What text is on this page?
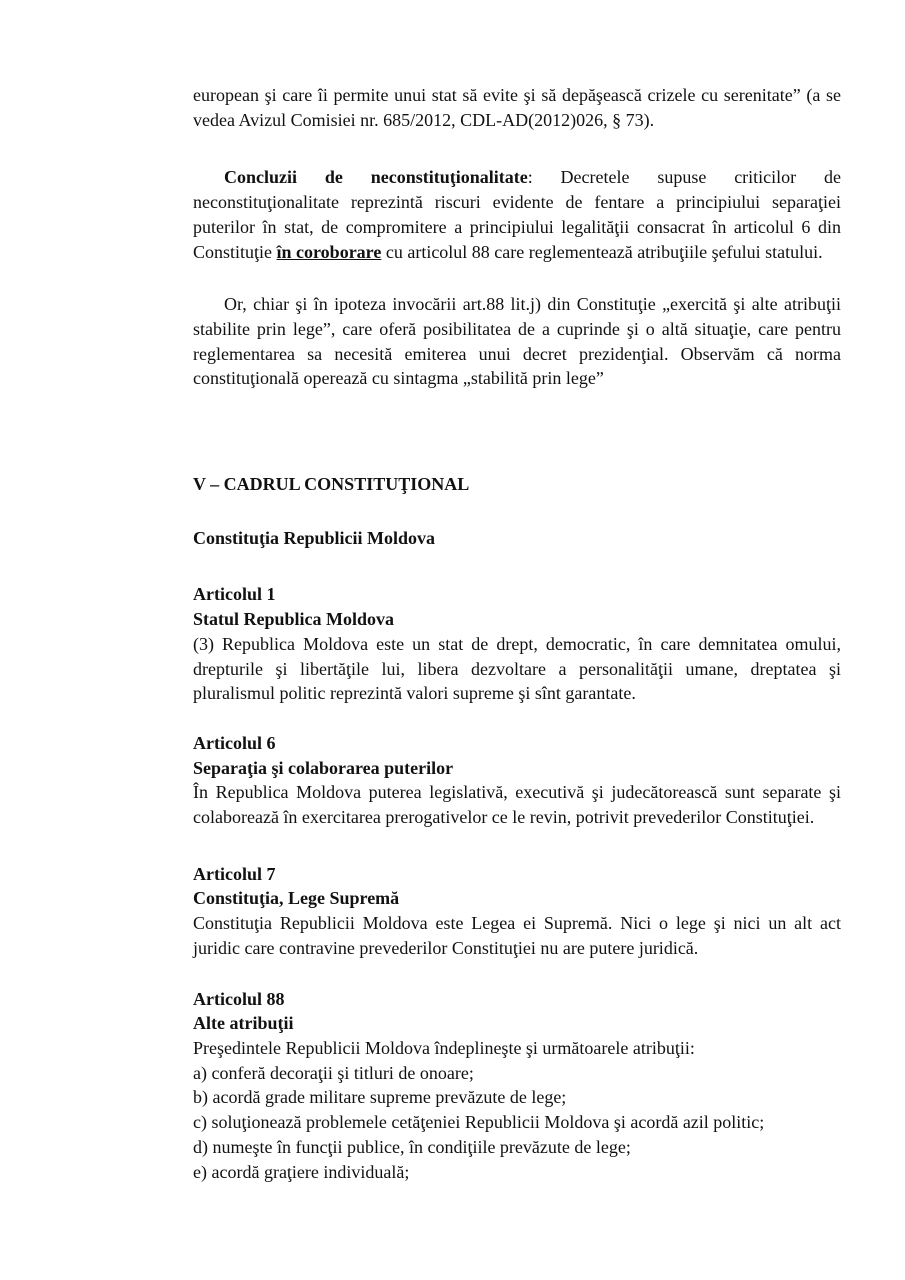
european şi care îi permite unui stat să evite şi să depăşească crizele cu serenitate” (a se vedea Avizul Comisiei nr. 685/2012, CDL-AD(2012)026, § 73).

Concluzii de neconstituţionalitate: Decretele supuse criticilor de neconstituţionalitate reprezintă riscuri evidente de fentare a principiului separaţiei puterilor în stat, de compromitere a principiului legalităţii consacrat în articolul 6 din Constituţie în coroborare cu articolul 88 care reglementează atribuţiile şefului statului.

Or, chiar şi în ipoteza invocării art.88 lit.j) din Constituţie „exercită şi alte atribuţii stabilite prin lege”, care oferă posibilitatea de a cuprinde şi o altă situaţie, care pentru reglementarea sa necesită emiterea unui decret prezidenţial. Observăm că norma constituţională operează cu sintagma „stabilită prin lege”

V – CADRUL CONSTITUŢIONAL
Constituţia Republicii Moldova
Articolul 1
Statul Republica Moldova

(3) Republica Moldova este un stat de drept, democratic, în care demnitatea omului, drepturile şi libertăţile lui, libera dezvoltare a personalităţii umane, dreptatea şi pluralismul politic reprezintă valori supreme şi sînt garantate.

Articolul 6
Separaţia şi colaborarea puterilor

În Republica Moldova puterea legislativă, executivă şi judecătorească sunt separate şi colaborează în exercitarea prerogativelor ce le revin, potrivit prevederilor Constituţiei.

Articolul 7
Constituţia, Lege Supremă

Constituţia Republicii Moldova este Legea ei Supremă. Nici o lege şi nici un alt act juridic care contravine prevederilor Constituţiei nu are putere juridică.

Articolul 88
Alte atribuţii

Preşedintele Republicii Moldova îndeplineşte şi următoarele atribuţii:

a) conferă decoraţii şi titluri de onoare;
b) acordă grade militare supreme prevăzute de lege;
c) soluţionează problemele cetăţeniei Republicii Moldova şi acordă azil politic;
d) numeşte în funcţii publice, în condiţiile prevăzute de lege;
e) acordă graţiere individuală;
